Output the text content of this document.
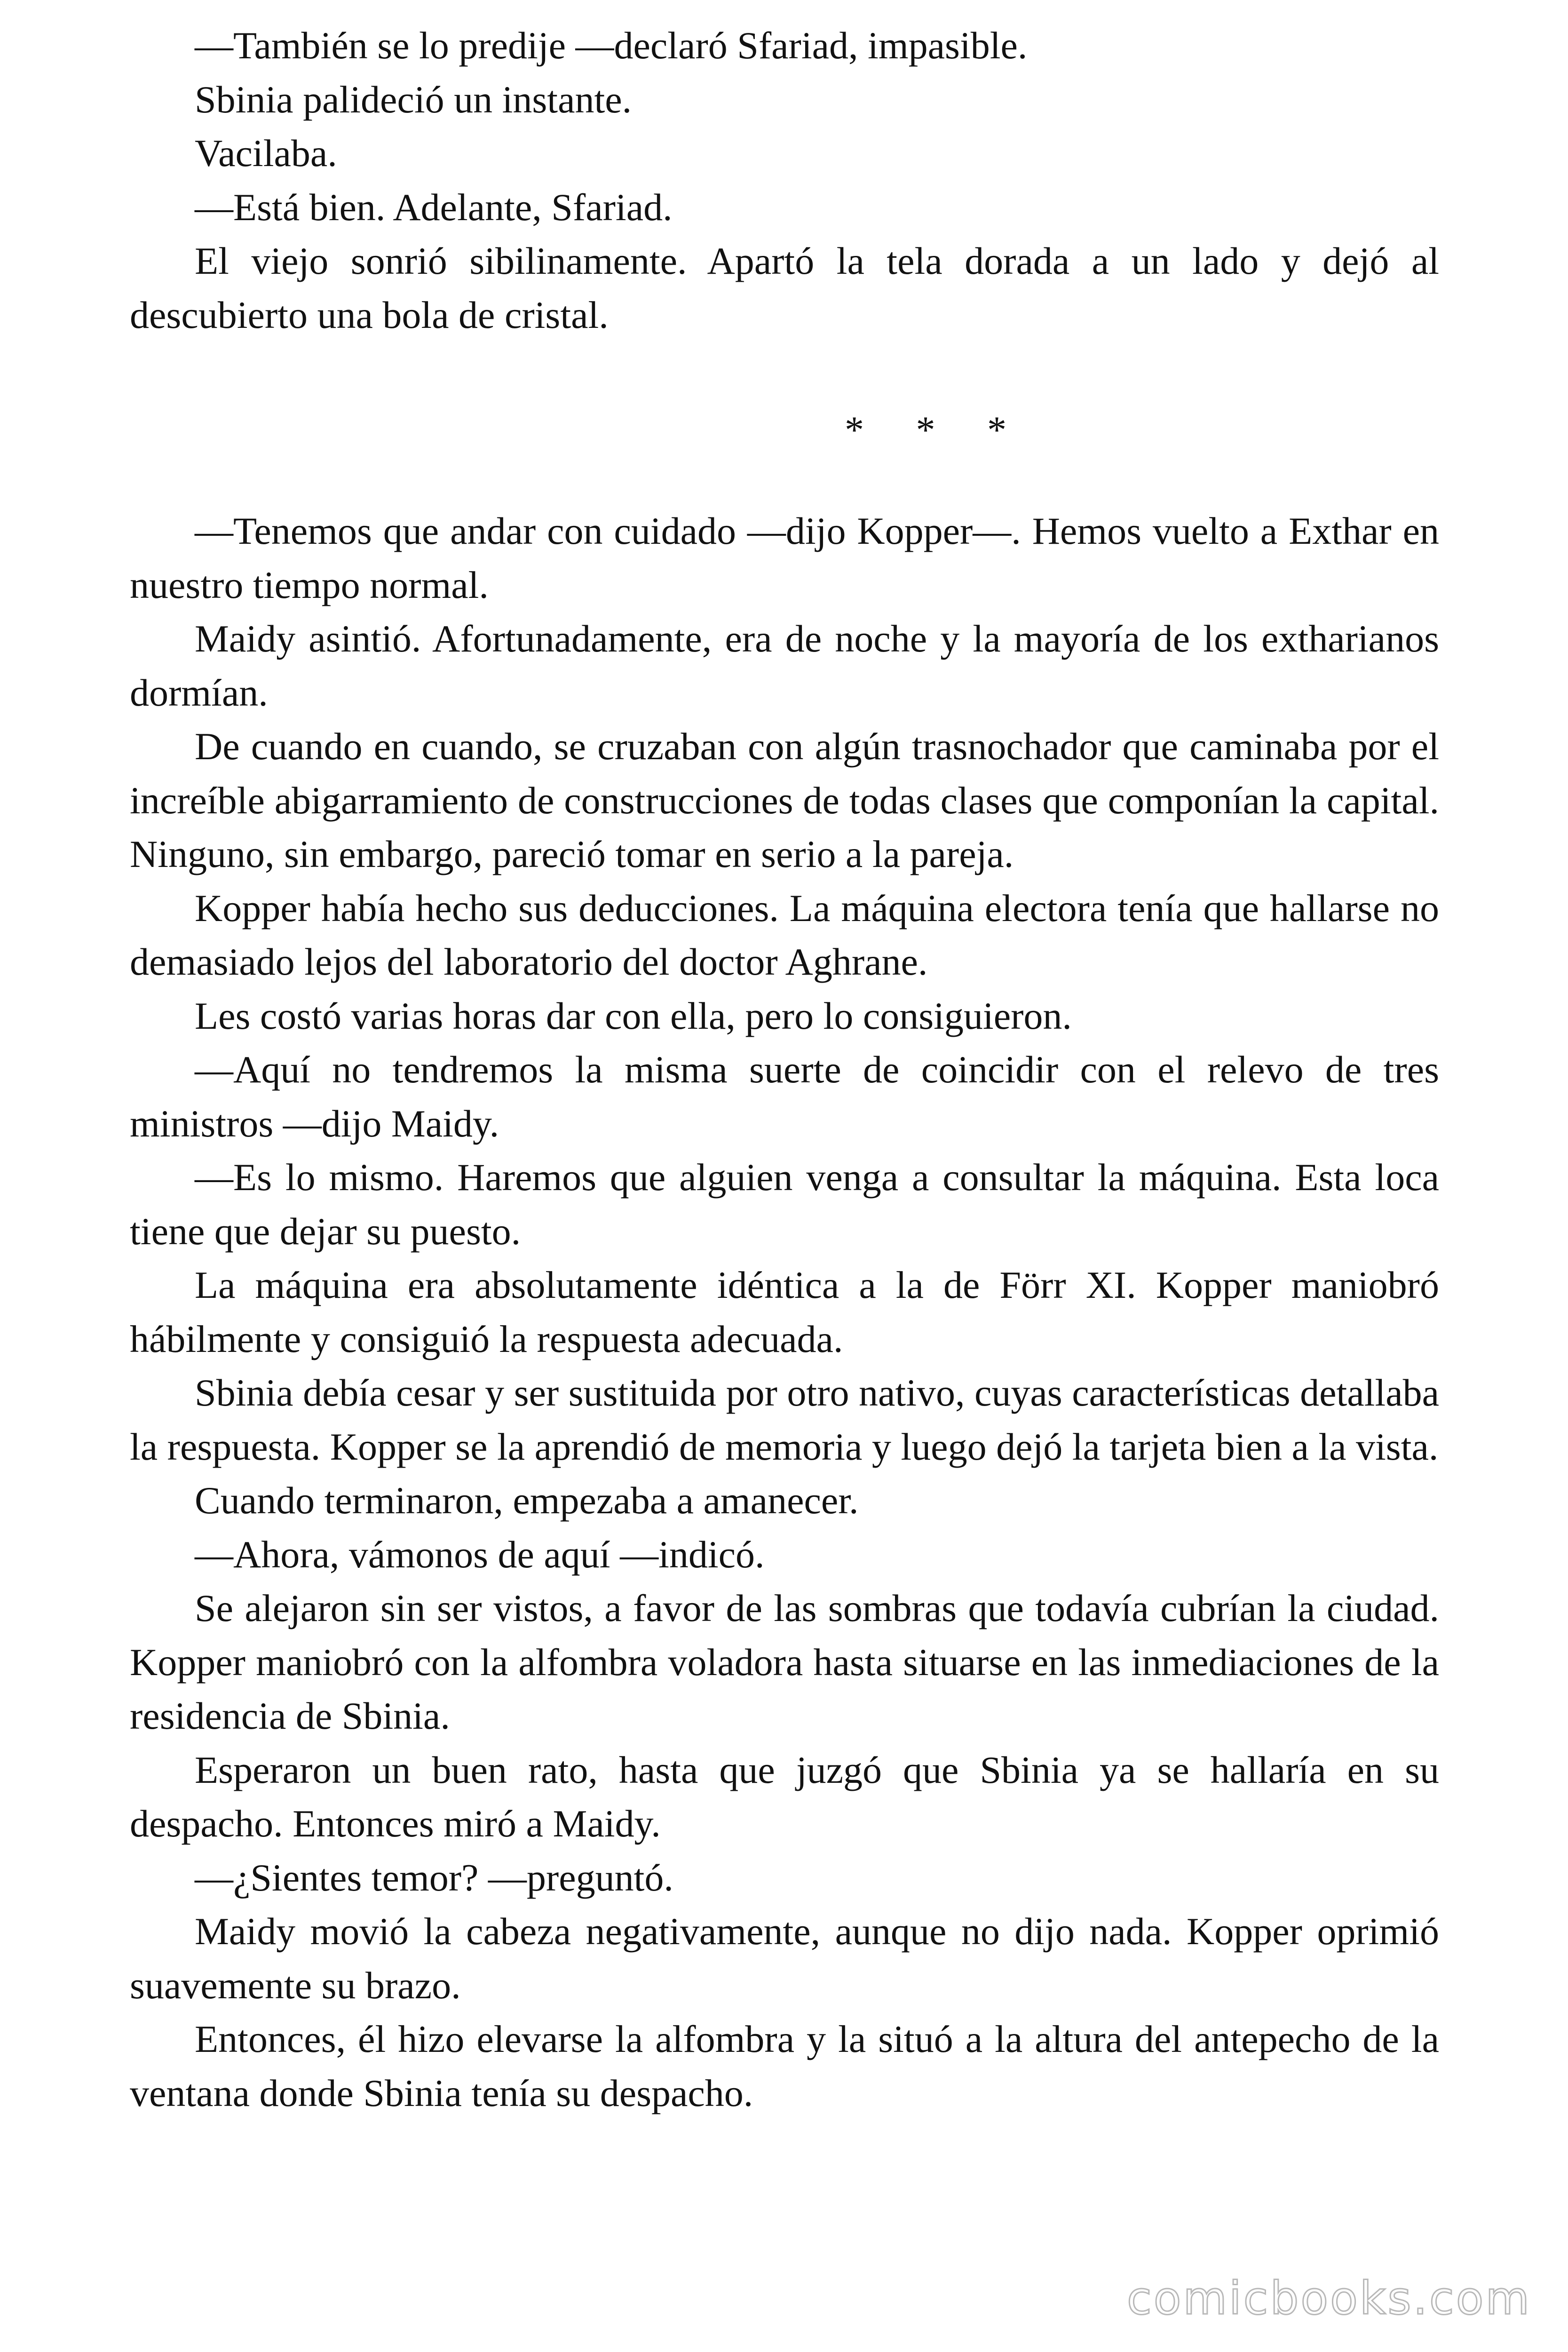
—También se lo predije —declaró Sfariad, impasible.

Sbinia palideció un instante.

Vacilaba.

—Está bien. Adelante, Sfariad.

El viejo sonrió sibilinamente. Apartó la tela dorada a un lado y dejó al descubierto una bola de cristal.

* * *

—Tenemos que andar con cuidado —dijo Kopper—. Hemos vuelto a Exthar en nuestro tiempo normal.

Maidy asintió. Afortunadamente, era de noche y la mayoría de los extharianos dormían.

De cuando en cuando, se cruzaban con algún trasnochador que caminaba por el increíble abigarramiento de construcciones de todas clases que componían la capital. Ninguno, sin embargo, pareció tomar en serio a la pareja.

Kopper había hecho sus deducciones. La máquina electora tenía que hallarse no demasiado lejos del laboratorio del doctor Aghrane.

Les costó varias horas dar con ella, pero lo consiguieron.

—Aquí no tendremos la misma suerte de coincidir con el relevo de tres ministros —dijo Maidy.

—Es lo mismo. Haremos que alguien venga a consultar la máquina. Esta loca tiene que dejar su puesto.

La máquina era absolutamente idéntica a la de Förr XI. Kopper maniobró hábilmente y consiguió la respuesta adecuada.

Sbinia debía cesar y ser sustituida por otro nativo, cuyas características detallaba la respuesta. Kopper se la aprendió de memoria y luego dejó la tarjeta bien a la vista.

Cuando terminaron, empezaba a amanecer.

—Ahora, vámonos de aquí —indicó.

Se alejaron sin ser vistos, a favor de las sombras que todavía cubrían la ciudad. Kopper maniobró con la alfombra voladora hasta situarse en las inmediaciones de la residencia de Sbinia.

Esperaron un buen rato, hasta que juzgó que Sbinia ya se hallaría en su despacho. Entonces miró a Maidy.

—¿Sientes temor? —preguntó.

Maidy movió la cabeza negativamente, aunque no dijo nada. Kopper oprimió suavemente su brazo.

Entonces, él hizo elevarse la alfombra y la situó a la altura del antepecho de la ventana donde Sbinia tenía su despacho.

comicbooks.com
